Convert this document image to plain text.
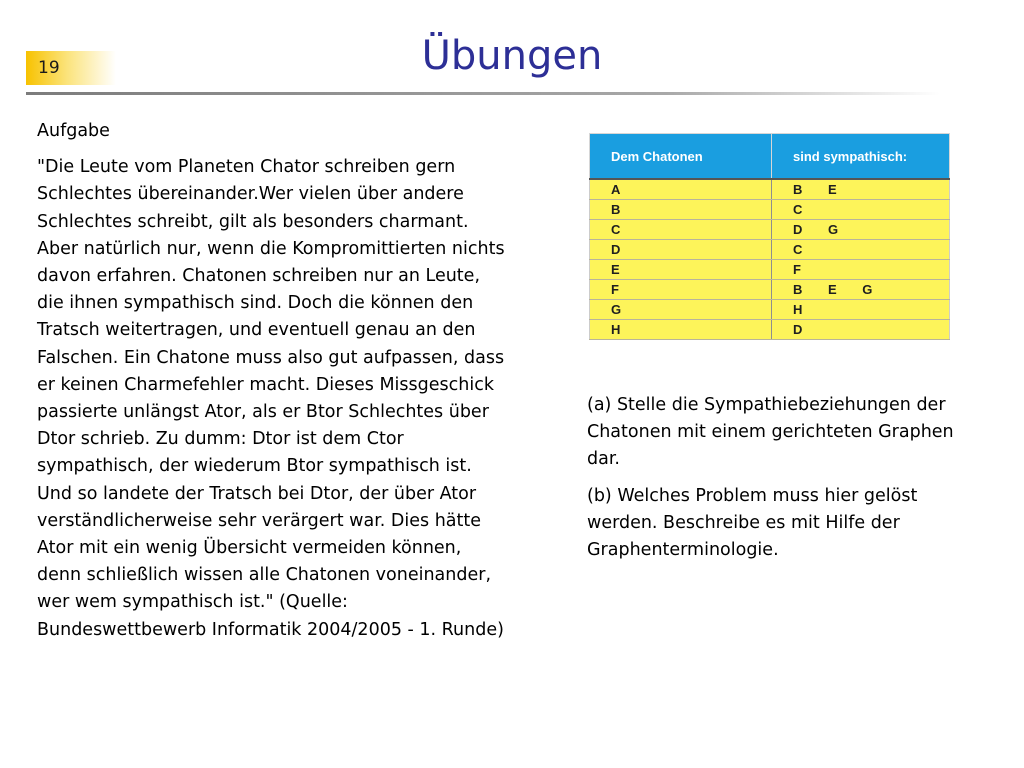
19	Übungen

Aufgabe

"Die Leute vom Planeten Chator schreiben gern Schlechtes übereinander.Wer vielen über andere Schlechtes schreibt, gilt als besonders charmant. Aber natürlich nur, wenn die Kompromittierten nichts davon erfahren. Chatonen schreiben nur an Leute, die ihnen sympathisch sind. Doch die können den Tratsch weitertragen, und eventuell genau an den Falschen. Ein Chatone muss also gut aufpassen, dass er keinen Charmefehler macht. Dieses Missgeschick passierte unlängst Ator, als er Btor Schlechtes über Dtor schrieb. Zu dumm: Dtor ist dem Ctor sympathisch, der wiederum Btor sympathisch ist. Und so landete der Tratsch bei Dtor, der über Ator verständlicherweise sehr verärgert war. Dies hätte Ator mit ein wenig Übersicht vermeiden können, denn schließlich wissen alle Chatonen voneinander, wer wem sympathisch ist." (Quelle: Bundeswettbewerb Informatik 2004/2005 - 1. Runde)

Dem Chatonen	sind sympathisch:
A	B E
B	C
C	D G
D	C
E	F
F	B E G
G	H
H	D

(a) Stelle die Sympathiebeziehungen der Chatonen mit einem gerichteten Graphen dar.

(b) Welches Problem muss hier gelöst werden. Beschreibe es mit Hilfe der Graphenterminologie.
